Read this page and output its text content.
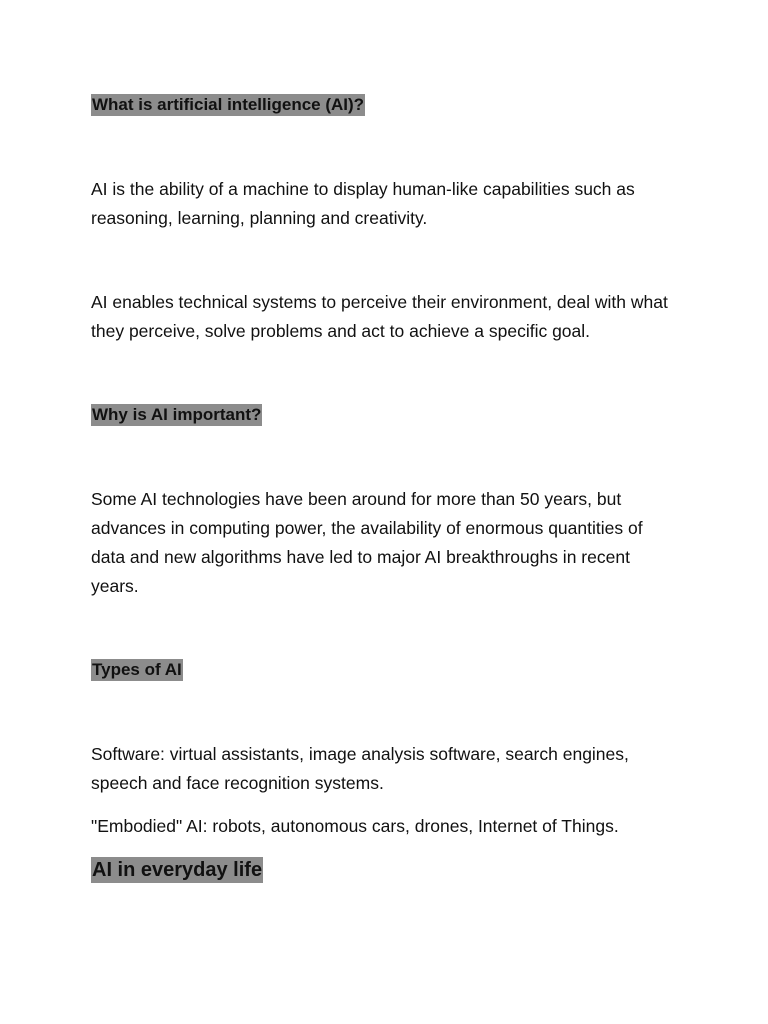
What is artificial intelligence (AI)?

AI is the ability of a machine to display human-like capabilities such as reasoning, learning, planning and creativity.

AI enables technical systems to perceive their environment, deal with what they perceive, solve problems and act to achieve a specific goal.

Why is AI important?

Some AI technologies have been around for more than 50 years, but advances in computing power, the availability of enormous quantities of data and new algorithms have led to major AI breakthroughs in recent years.

Types of AI

Software: virtual assistants, image analysis software, search engines, speech and face recognition systems.

"Embodied" AI: robots, autonomous cars, drones, Internet of Things.

AI in everyday life
